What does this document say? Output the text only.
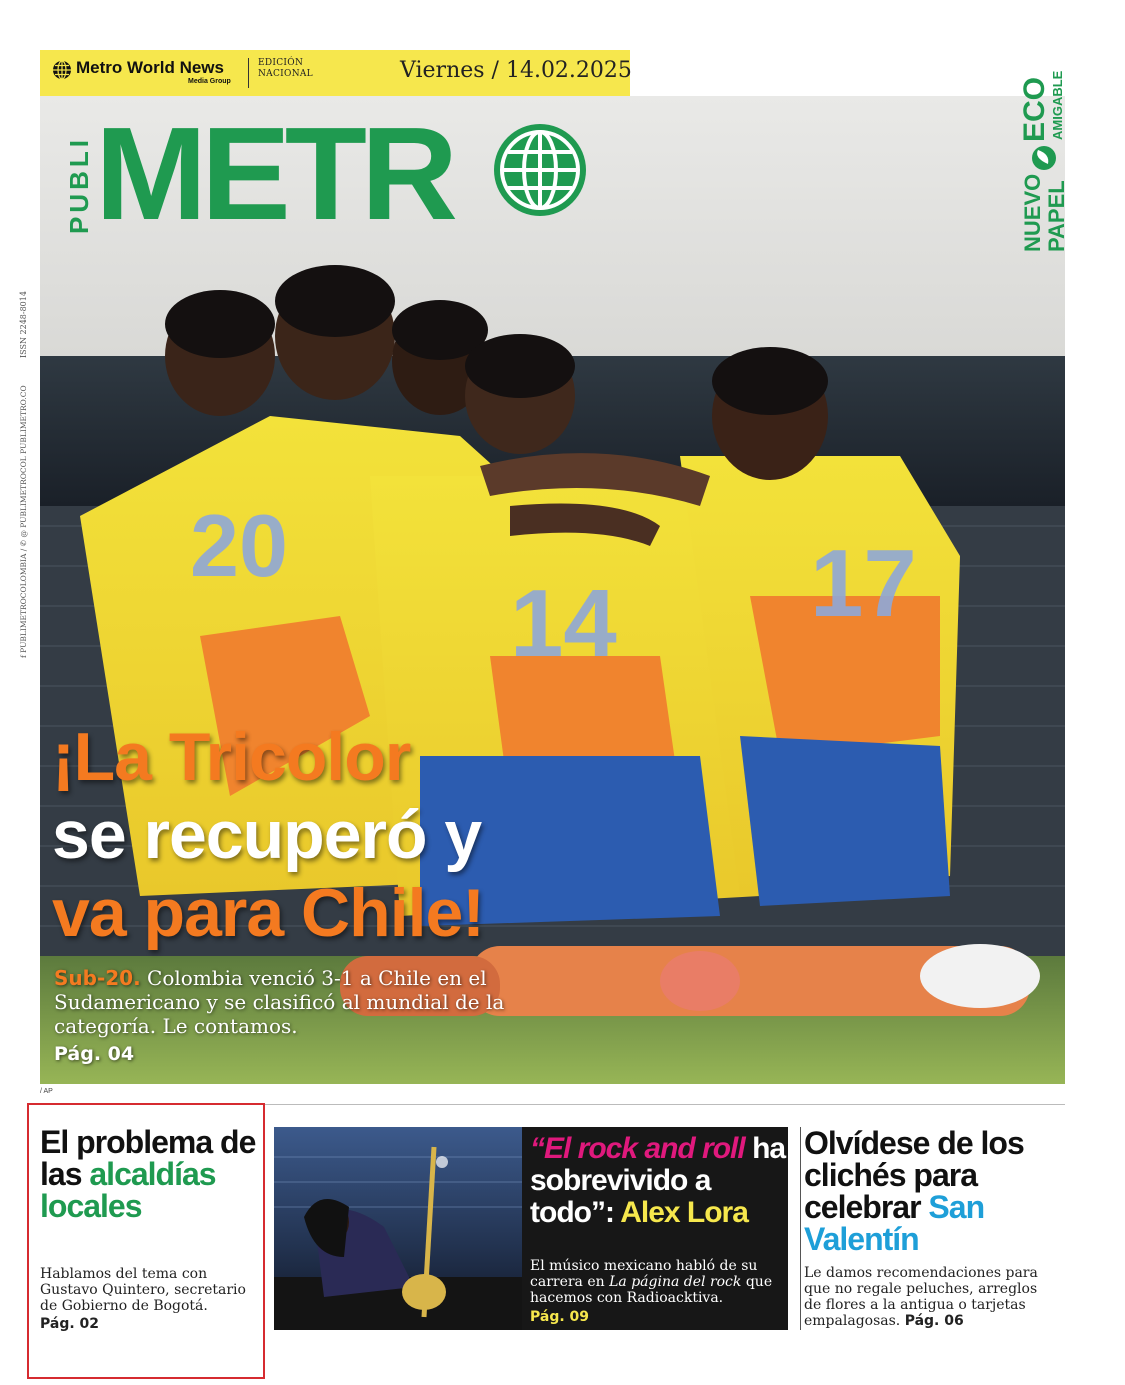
Metro World News
Media Group
EDICIÓN NACIONAL	Viernes / 14.02.2025
20
14 17
PUBLI METR	NUEVO PAPEL
ECO AMIGABLE
ISSN 2248-8014
f PUBLIMETROCOLOMBIA / ✆ @ PUBLIMETROCOL PUBLIMETRO.CO
¡La Tricolor
se recuperó y
va para Chile!
Sub-20. Colombia venció 3-1 a Chile en el Sudamericano y se clasificó al mundial de la categoría. Le contamos.
Pág. 04
/ AP
El problema de las alcaldías locales
Hablamos del tema con Gustavo Quintero, secretario de Gobierno de Bogotá.
Pág. 02
“El rock and roll ha sobrevivido a todo”: Alex Lora
El músico mexicano habló de su carrera en La página del rock que hacemos con Radioacktiva.
Pág. 09
Olvídese de los clichés para celebrar San Valentín
Le damos recomendaciones para que no regale peluches, arreglos de flores a la antigua o tarjetas empalagosas. Pág. 06
